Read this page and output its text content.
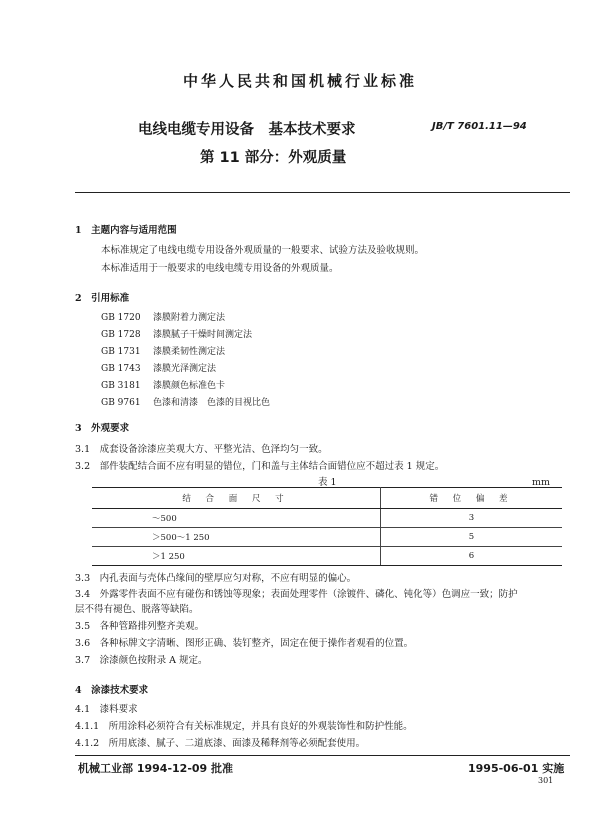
中华人民共和国机械行业标准
电线电缆专用设备　基本技术要求	JB/T 7601.11—94
第 11 部分：外观质量
1　主题内容与适用范围
本标准规定了电线电缆专用设备外观质量的一般要求、试验方法及验收规则。
本标准适用于一般要求的电线电缆专用设备的外观质量。
2　引用标准
GB 1720 漆膜附着力测定法
GB 1728 漆膜腻子干燥时间测定法
GB 1731 漆膜柔韧性测定法
GB 1743 漆膜光泽测定法
GB 3181 漆膜颜色标准色卡
GB 9761 色漆和清漆　色漆的目视比色
3　外观要求
3.1　成套设备涂漆应美观大方、平整光洁、色泽均匀一致。
3.2　部件装配结合面不应有明显的错位，门和盖与主体结合面错位应不超过表 1 规定。
表 1	mm
结 合 面 尺 寸	错 位 偏 差
～500	3
＞500～1 250	5
＞1 250	6
3.3　内孔表面与壳体凸缘间的壁厚应匀对称，不应有明显的偏心。
3.4　外露零件表面不应有碰伤和锈蚀等现象；表面处理零件（涂镀件、磷化、钝化等）色调应一致；防护
层不得有褪色、脱落等缺陷。
3.5　各种管路排列整齐美观。
3.6　各种标牌文字清晰、图形正确、装钉整齐，固定在便于操作者观看的位置。
3.7　涂漆颜色按附录 A 规定。
4　涂漆技术要求
4.1　漆料要求
4.1.1　所用涂料必须符合有关标准规定，并具有良好的外观装饰性和防护性能。
4.1.2　所用底漆、腻子、二道底漆、面漆及稀释剂等必须配套使用。
机械工业部 1994-12-09 批准	1995-06-01 实施
301
